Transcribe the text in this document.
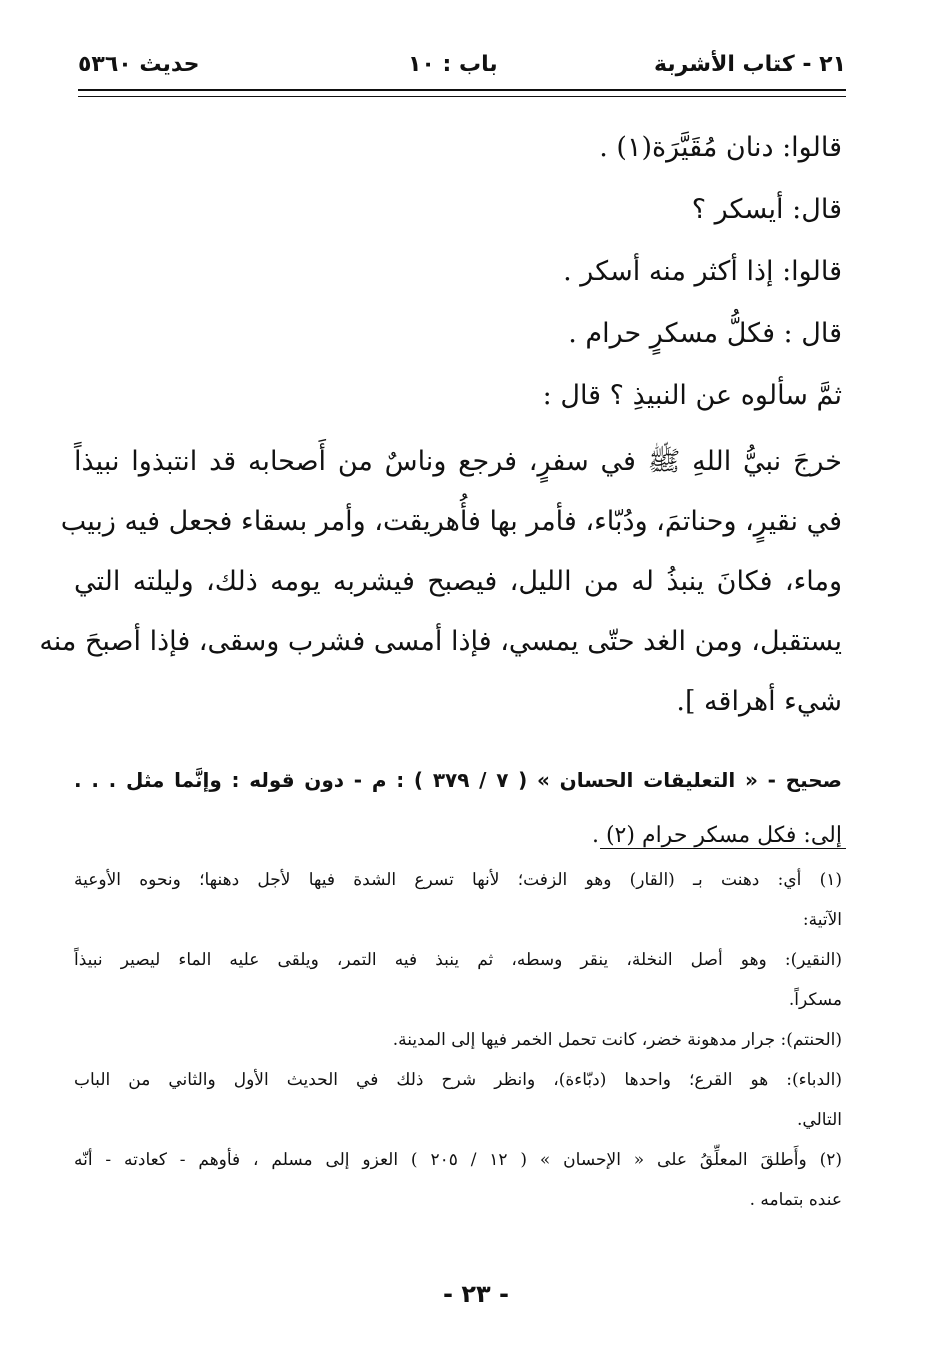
٢١ - كتاب الأشربة
باب : ١٠
حديث ٥٣٦٠
قالوا: دنان مُقَيَّرَة(١) .
قال: أيسكر ؟
قالوا: إذا أكثر منه أسكر .
قال : فكلُّ مسكرٍ حرام .
ثمَّ سألوه عن النبيذِ ؟ قال :
خرجَ نبيُّ اللهِ ﷺ في سفرٍ، فرجع وناسٌ من أَصحابه قد انتبذوا نبيذاً
في نقيرٍ، وحناتمَ، ودُبّاء، فأمر بها فأُهريقت، وأمر بسقاء فجعل فيه زبيب
وماء، فكانَ ينبذُ له من الليل، فيصبح فيشربه يومه ذلك، وليلته التي
يستقبل، ومن الغد حتّى يمسي، فإذا أمسى فشرب وسقى، فإذا أصبحَ منه
شيء أهراقه ].
صحيح - « التعليقات الحسان » ( ٧ / ٣٧٩ ) : م - دون قوله : وإنَّما مثل . . .
إلى: فكل مسكر حرام (٢) .
(١) أي: دهنت بـ (القار) وهو الزفت؛ لأنها تسرع الشدة فيها لأجل دهنها؛ ونحوه الأوعية
الآتية:
(النقير): وهو أصل النخلة، ينقر وسطه، ثم ينبذ فيه التمر، ويلقى عليه الماء ليصير نبيذاً
مسكراً.
(الحنتم): جرار مدهونة خضر، كانت تحمل الخمر فيها إلى المدينة.
(الدباء): هو القرع؛ واحدها (دبّاءة)، وانظر شرح ذلك في الحديث الأول والثاني من الباب
التالي.
(٢) وأَطلقَ المعلِّقُ على « الإحسان » ( ١٢ / ٢٠٥ ) العزو إلى مسلم ، فأوهم - كعادته - أنّه
عنده بتمامه .
- ٢٣ -
